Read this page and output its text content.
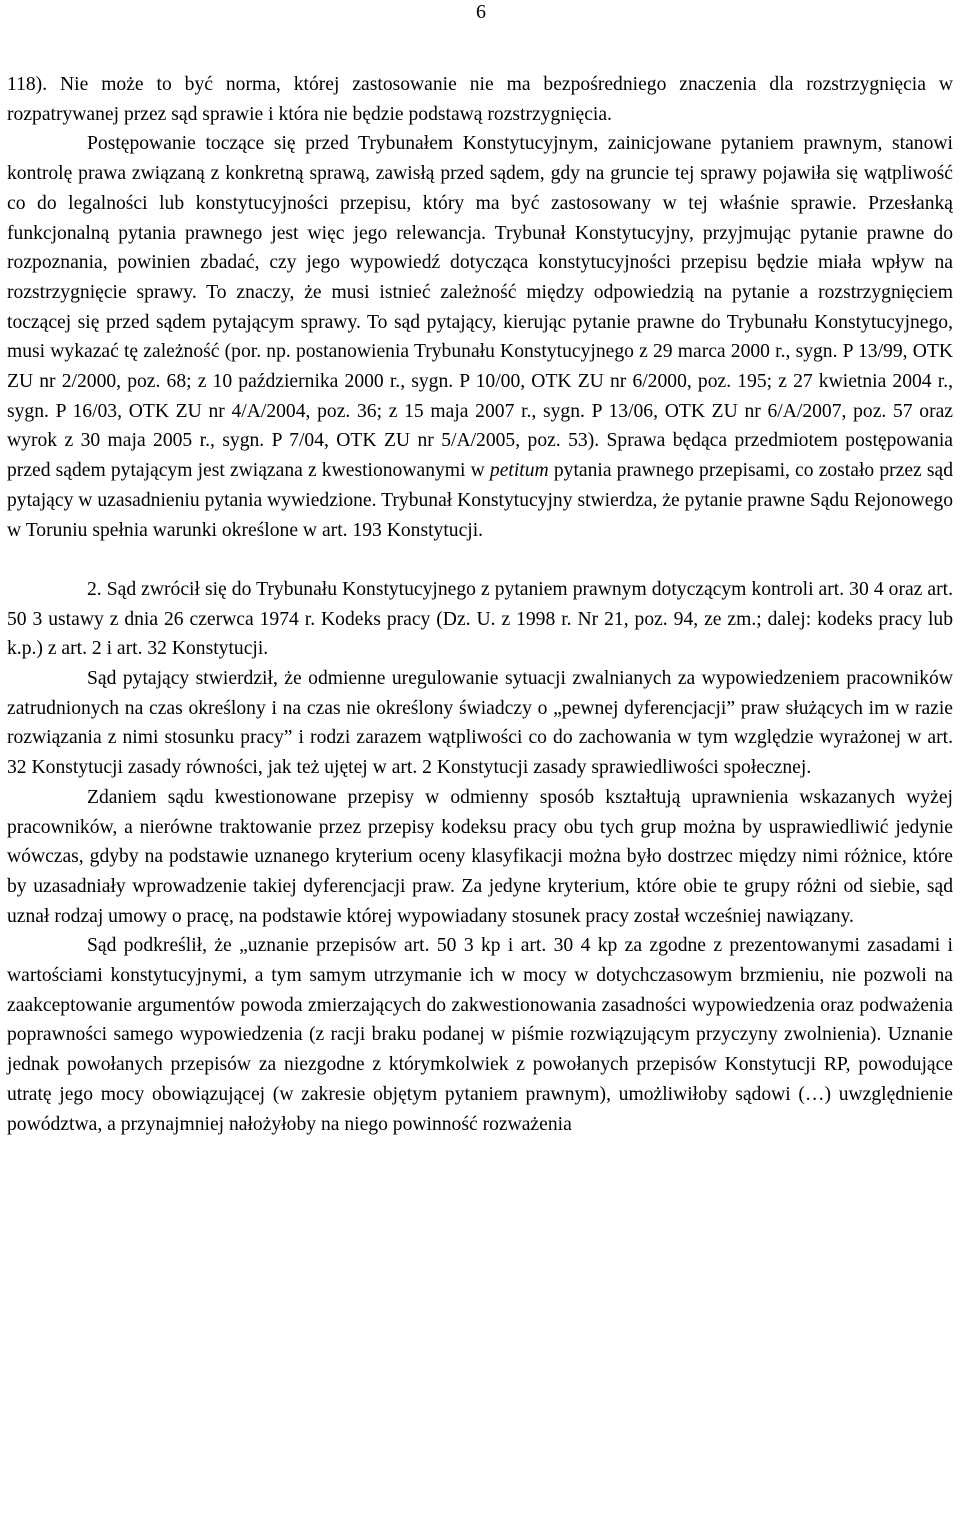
6

118). Nie może to być norma, której zastosowanie nie ma bezpośredniego znaczenia dla rozstrzygnięcia w rozpatrywanej przez sąd sprawie i która nie będzie podstawą rozstrzygnięcia.

Postępowanie toczące się przed Trybunałem Konstytucyjnym, zainicjowane pytaniem prawnym, stanowi kontrolę prawa związaną z konkretną sprawą, zawisłą przed sądem, gdy na gruncie tej sprawy pojawiła się wątpliwość co do legalności lub konstytucyjności przepisu, który ma być zastosowany w tej właśnie sprawie. Przesłanką funkcjonalną pytania prawnego jest więc jego relewancja. Trybunał Konstytucyjny, przyjmując pytanie prawne do rozpoznania, powinien zbadać, czy jego wypowiedź dotycząca konstytucyjności przepisu będzie miała wpływ na rozstrzygnięcie sprawy. To znaczy, że musi istnieć zależność między odpowiedzią na pytanie a rozstrzygnięciem toczącej się przed sądem pytającym sprawy. To sąd pytający, kierując pytanie prawne do Trybunału Konstytucyjnego, musi wykazać tę zależność (por. np. postanowienia Trybunału Konstytucyjnego z 29 marca 2000 r., sygn. P 13/99, OTK ZU nr 2/2000, poz. 68; z 10 października 2000 r., sygn. P 10/00, OTK ZU nr 6/2000, poz. 195; z 27 kwietnia 2004 r., sygn. P 16/03, OTK ZU nr 4/A/2004, poz. 36; z 15 maja 2007 r., sygn. P 13/06, OTK ZU nr 6/A/2007, poz. 57 oraz wyrok z 30 maja 2005 r., sygn. P 7/04, OTK ZU nr 5/A/2005, poz. 53). Sprawa będąca przedmiotem postępowania przed sądem pytającym jest związana z kwestionowanymi w petitum pytania prawnego przepisami, co zostało przez sąd pytający w uzasadnieniu pytania wywiedzione. Trybunał Konstytucyjny stwierdza, że pytanie prawne Sądu Rejonowego w Toruniu spełnia warunki określone w art. 193 Konstytucji.

2. Sąd zwrócił się do Trybunału Konstytucyjnego z pytaniem prawnym dotyczącym kontroli art. 30 4 oraz art. 50 3 ustawy z dnia 26 czerwca 1974 r. Kodeks pracy (Dz. U. z 1998 r. Nr 21, poz. 94, ze zm.; dalej: kodeks pracy lub k.p.) z art. 2 i art. 32 Konstytucji.

Sąd pytający stwierdził, że odmienne uregulowanie sytuacji zwalnianych za wypowiedzeniem pracowników zatrudnionych na czas określony i na czas nie określony świadczy o „pewnej dyferencjacji” praw służących im w razie rozwiązania z nimi stosunku pracy” i rodzi zarazem wątpliwości co do zachowania w tym względzie wyrażonej w art. 32 Konstytucji zasady równości, jak też ujętej w art. 2 Konstytucji zasady sprawiedliwości społecznej.

Zdaniem sądu kwestionowane przepisy w odmienny sposób kształtują uprawnienia wskazanych wyżej pracowników, a nierówne traktowanie przez przepisy kodeksu pracy obu tych grup można by usprawiedliwić jedynie wówczas, gdyby na podstawie uznanego kryterium oceny klasyfikacji można było dostrzec między nimi różnice, które by uzasadniały wprowadzenie takiej dyferencjacji praw. Za jedyne kryterium, które obie te grupy różni od siebie, sąd uznał rodzaj umowy o pracę, na podstawie której wypowiadany stosunek pracy został wcześniej nawiązany.

Sąd podkreślił, że „uznanie przepisów art. 50 3 kp i art. 30 4 kp za zgodne z prezentowanymi zasadami i wartościami konstytucyjnymi, a tym samym utrzymanie ich w mocy w dotychczasowym brzmieniu, nie pozwoli na zaakceptowanie argumentów powoda zmierzających do zakwestionowania zasadności wypowiedzenia oraz podważenia poprawności samego wypowiedzenia (z racji braku podanej w piśmie rozwiązującym przyczyny zwolnienia). Uznanie jednak powołanych przepisów za niezgodne z którymkolwiek z powołanych przepisów Konstytucji RP, powodujące utratę jego mocy obowiązującej (w zakresie objętym pytaniem prawnym), umożliwiłoby sądowi (…) uwzględnienie powództwa, a przynajmniej nałożyłoby na niego powinność rozważenia
